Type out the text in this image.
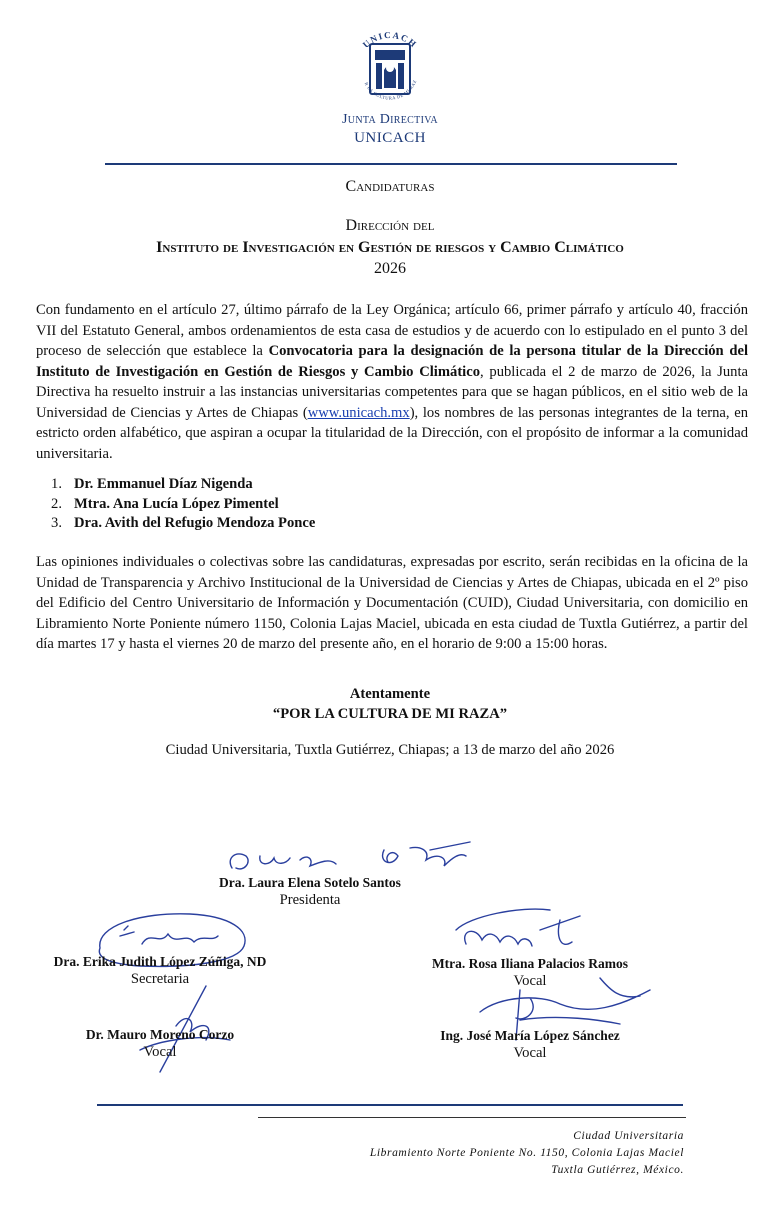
UNICACH
R LA CULTURA DE MI RAZ
Junta Directiva
UNICACH
Candidaturas
Dirección del
Instituto de Investigación en Gestión de riesgos y Cambio Climático
2026
Con fundamento en el artículo 27, último párrafo de la Ley Orgánica; artículo 66, primer párrafo y artículo 40, fracción VII del Estatuto General, ambos ordenamientos de esta casa de estudios y de acuerdo con lo estipulado en el punto 3 del proceso de selección que establece la Convocatoria para la designación de la persona titular de la Dirección del Instituto de Investigación en Gestión de Riesgos y Cambio Climático, publicada el 2 de marzo de 2026, la Junta Directiva ha resuelto instruir a las instancias universitarias competentes para que se hagan públicos, en el sitio web de la Universidad de Ciencias y Artes de Chiapas (www.unicach.mx), los nombres de las personas integrantes de la terna, en estricto orden alfabético, que aspiran a ocupar la titularidad de la Dirección, con el propósito de informar a la comunidad universitaria.
1. Dr. Emmanuel Díaz Nigenda
2. Mtra. Ana Lucía López Pimentel
3. Dra. Avith del Refugio Mendoza Ponce
Las opiniones individuales o colectivas sobre las candidaturas, expresadas por escrito, serán recibidas en la oficina de la Unidad de Transparencia y Archivo Institucional de la Universidad de Ciencias y Artes de Chiapas, ubicada en el 2º piso del Edificio del Centro Universitario de Información y Documentación (CUID), Ciudad Universitaria, con domicilio en Libramiento Norte Poniente número 1150, Colonia Lajas Maciel, ubicada en esta ciudad de Tuxtla Gutiérrez, a partir del día martes 17 y hasta el viernes 20 de marzo del presente año, en el horario de 9:00 a 15:00 horas.
Atentamente
“POR LA CULTURA DE MI RAZA”
Ciudad Universitaria, Tuxtla Gutiérrez, Chiapas; a 13 de marzo del año 2026
Dra. Laura Elena Sotelo Santos
Presidenta
Dra. Erika Judith López Zúñiga, ND
Secretaria
Mtra. Rosa Iliana Palacios Ramos
Vocal
Dr. Mauro Moreno Corzo
Vocal
Ing. José María López Sánchez
Vocal
Ciudad Universitaria
Libramiento Norte Poniente No. 1150, Colonia Lajas Maciel
Tuxtla Gutiérrez, México.
